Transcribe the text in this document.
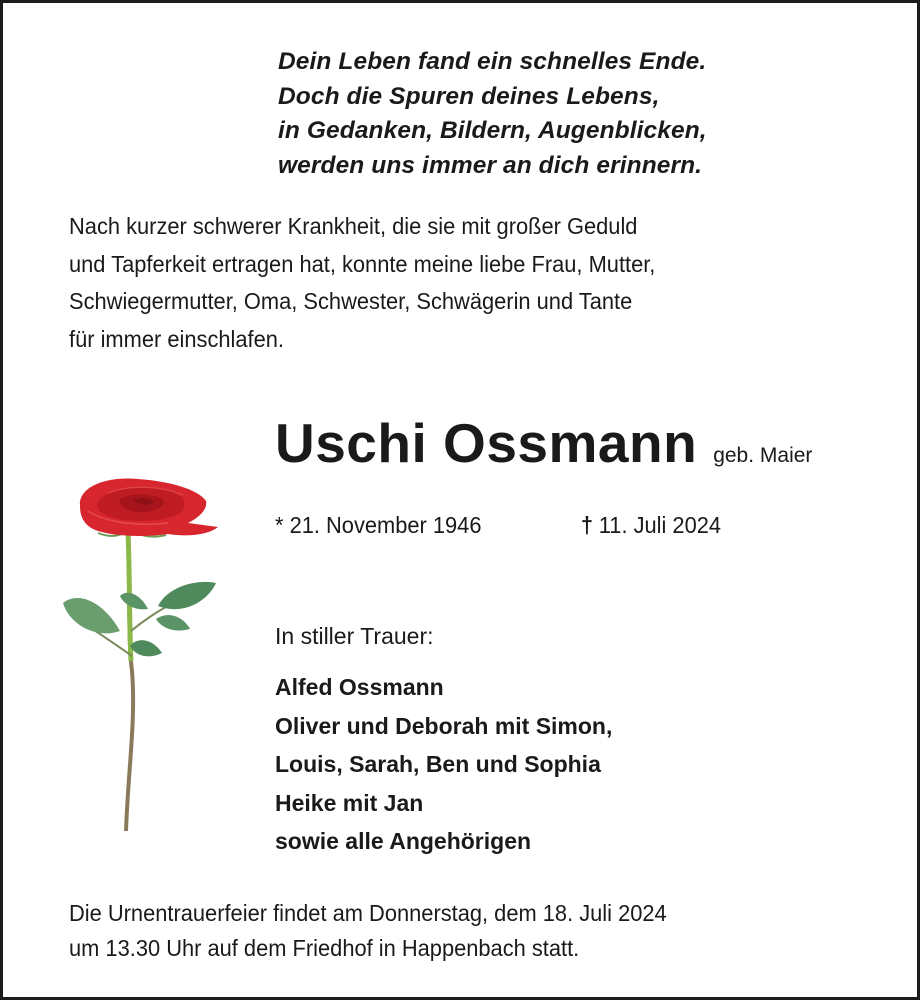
Dein Leben fand ein schnelles Ende.
Doch die Spuren deines Lebens,
in Gedanken, Bildern, Augenblicken,
werden uns immer an dich erinnern.
Nach kurzer schwerer Krankheit, die sie mit großer Geduld
und Tapferkeit ertragen hat, konnte meine liebe Frau, Mutter,
Schwiegermutter, Oma, Schwester, Schwägerin und Tante
für immer einschlafen.
Uschi Ossmann geb. Maier
* 21. November 1946	† 11. Juli 2024
In stiller Trauer:
Alfed Ossmann
Oliver und Deborah mit Simon,
Louis, Sarah, Ben und Sophia
Heike mit Jan
sowie alle Angehörigen
Die Urnentrauerfeier findet am Donnerstag, dem 18. Juli 2024
um 13.30 Uhr auf dem Friedhof in Happenbach statt.
